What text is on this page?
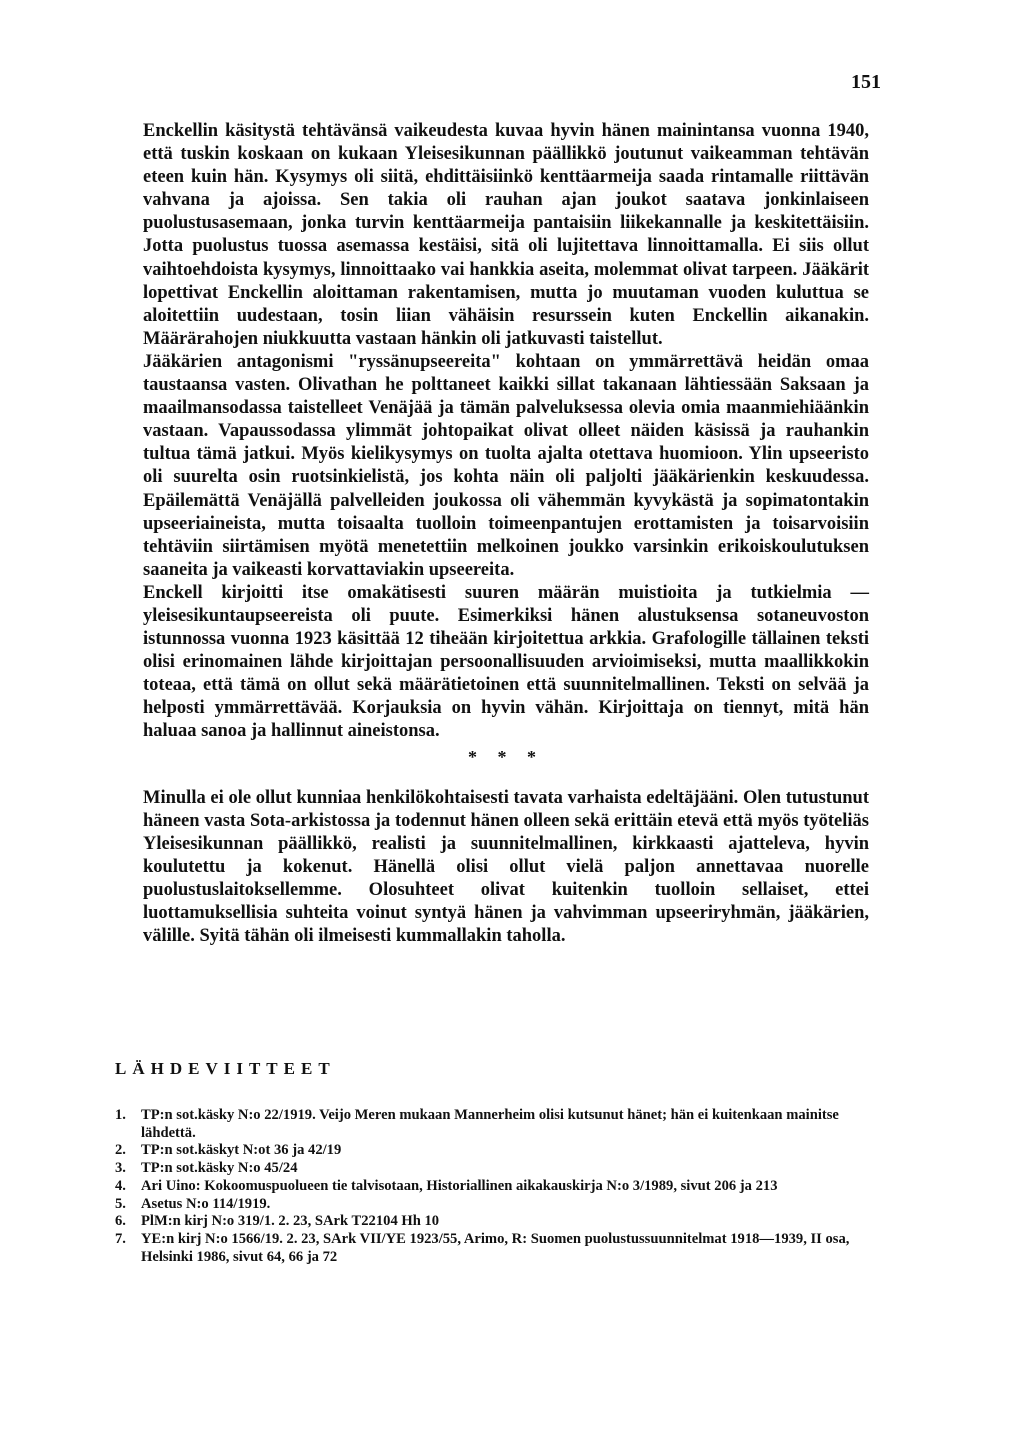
151

Enckellin käsitystä tehtävänsä vaikeudesta kuvaa hyvin hänen mainintansa vuonna 1940, että tuskin koskaan on kukaan Yleisesikunnan päällikkö joutunut vaikeamman tehtävän eteen kuin hän. Kysymys oli siitä, ehdittäisiinkö kenttäarmeija saada rintamalle riittävän vahvana ja ajoissa. Sen takia oli rauhan ajan joukot saatava jonkinlaiseen puolustusasemaan, jonka turvin kenttäarmeija pantaisiin liikekannalle ja keskitettäisiin. Jotta puolustus tuossa asemassa kestäisi, sitä oli lujitettava linnoittamalla. Ei siis ollut vaihtoehdoista kysymys, linnoittaako vai hankkia aseita, molemmat olivat tarpeen. Jääkärit lopettivat Enckellin aloittaman rakentamisen, mutta jo muutaman vuoden kuluttua se aloitettiin uudestaan, tosin liian vähäisin resurssein kuten Enckellin aikanakin. Määrärahojen niukkuutta vastaan hänkin oli jatkuvasti taistellut.

Jääkärien antagonismi "ryssänupseereita" kohtaan on ymmärrettävä heidän omaa taustaansa vasten. Olivathan he polttaneet kaikki sillat takanaan lähtiessään Saksaan ja maailmansodassa taistelleet Venäjää ja tämän palveluksessa olevia omia maanmiehiäänkin vastaan. Vapaussodassa ylimmät johtopaikat olivat olleet näiden käsissä ja rauhankin tultua tämä jatkui. Myös kielikysymys on tuolta ajalta otettava huomioon. Ylin upseeristo oli suurelta osin ruotsinkielistä, jos kohta näin oli paljolti jääkärienkin keskuudessa. Epäilemättä Venäjällä palvelleiden joukossa oli vähemmän kyvykästä ja sopimatontakin upseeriaineista, mutta toisaalta tuolloin toimeenpantujen erottamisten ja toisarvoisiin tehtäviin siirtämisen myötä menetettiin melkoinen joukko varsinkin erikoiskoulutuksen saaneita ja vaikeasti korvattaviakin upseereita.

Enckell kirjoitti itse omakätisesti suuren määrän muistioita ja tutkielmia — yleisesikuntaupseereista oli puute. Esimerkiksi hänen alustuksensa sotaneuvoston istunnossa vuonna 1923 käsittää 12 tiheään kirjoitettua arkkia. Grafologille tällainen teksti olisi erinomainen lähde kirjoittajan persoonallisuuden arvioimiseksi, mutta maallikkokin toteaa, että tämä on ollut sekä määrätietoinen että suunnitelmallinen. Teksti on selvää ja helposti ymmärrettävää. Korjauksia on hyvin vähän. Kirjoittaja on tiennyt, mitä hän haluaa sanoa ja hallinnut aineistonsa.

* * *

Minulla ei ole ollut kunniaa henkilökohtaisesti tavata varhaista edeltäjääni. Olen tutustunut häneen vasta Sota-arkistossa ja todennut hänen olleen sekä erittäin etevä että myös työteliäs Yleisesikunnan päällikkö, realisti ja suunnitelmallinen, kirkkaasti ajatteleva, hyvin koulutettu ja kokenut. Hänellä olisi ollut vielä paljon annettavaa nuorelle puolustuslaitoksellemme. Olosuhteet olivat kuitenkin tuolloin sellaiset, ettei luottamuksellisia suhteita voinut syntyä hänen ja vahvimman upseeriryhmän, jääkärien, välille. Syitä tähän oli ilmeisesti kummallakin taholla.

LÄHDEVIITTEET
1.	TP:n sot.käsky N:o 22/1919. Veijo Meren mukaan Mannerheim olisi kutsunut hänet; hän ei kuitenkaan mainitse lähdettä.
2.	TP:n sot.käskyt N:ot 36 ja 42/19
3.	TP:n sot.käsky N:o 45/24
4.	Ari Uino: Kokoomuspuolueen tie talvisotaan, Historiallinen aikakauskirja N:o 3/1989, sivut 206 ja 213
5.	Asetus N:o 114/1919.
6.	PlM:n kirj N:o 319/1. 2. 23, SArk T22104 Hh 10
7.	YE:n kirj N:o 1566/19. 2. 23, SArk VII/YE 1923/55, Arimo, R: Suomen puolustussuunnitelmat 1918—1939, II osa, Helsinki 1986, sivut 64, 66 ja 72
